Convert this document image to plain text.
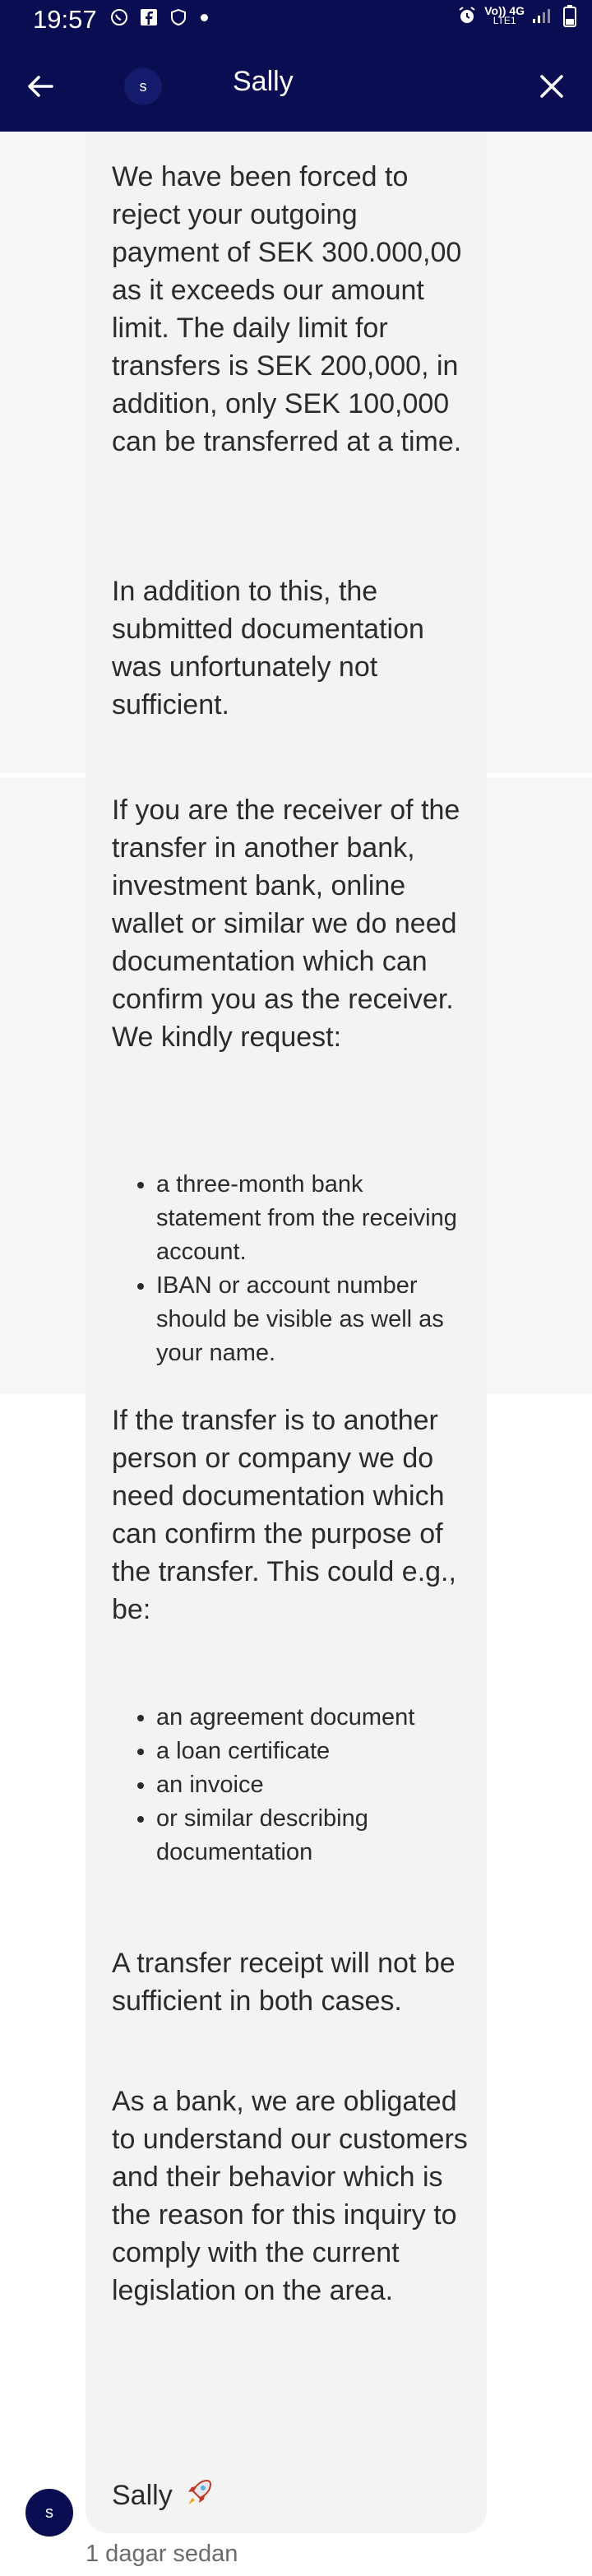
19:57	Vo)) 4G
LTE1
s	Sally
We have been forced to reject your outgoing payment of SEK 300.000,00 as it exceeds our amount limit. The daily limit for transfers is SEK 200,000, in addition, only SEK 100,000 can be transferred at a time.
In addition to this, the submitted documentation was unfortunately not sufficient.
If you are the receiver of the transfer in another bank, investment bank, online wallet or similar we do need documentation which can confirm you as the receiver. We kindly request:
• a three-month bank statement from the receiving account.
• IBAN or account number should be visible as well as your name.
If the transfer is to another person or company we do need documentation which can confirm the purpose of the transfer. This could e.g., be:
• an agreement document
• a loan certificate
• an invoice
• or similar describing documentation
A transfer receipt will not be sufficient in both cases.
As a bank, we are obligated to understand our customers and their behavior which is the reason for this inquiry to comply with the current legislation on the area.
Sally
s
1 dagar sedan
